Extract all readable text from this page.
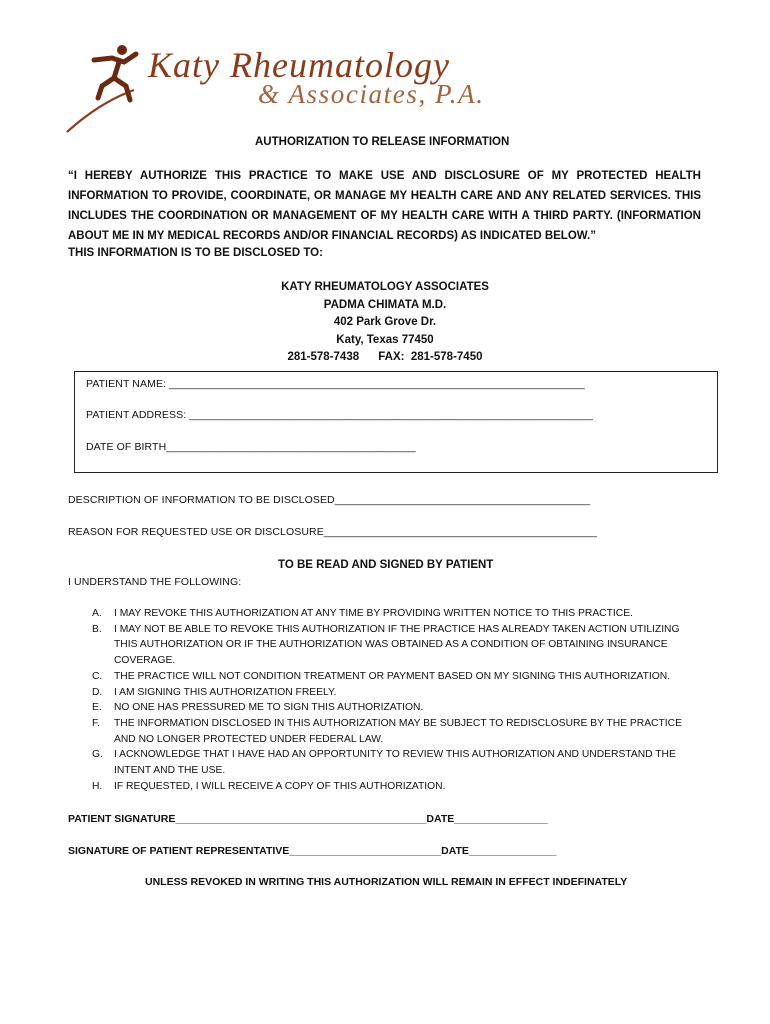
Katy Rheumatology
& Associates, P.A.
AUTHORIZATION TO RELEASE INFORMATION
“I HEREBY AUTHORIZE THIS PRACTICE TO MAKE USE AND DISCLOSURE OF MY PROTECTED HEALTH INFORMATION TO PROVIDE, COORDINATE, OR MANAGE MY HEALTH CARE AND ANY RELATED SERVICES. THIS INCLUDES THE COORDINATION OR MANAGEMENT OF MY HEALTH CARE WITH A THIRD PARTY. (INFORMATION ABOUT ME IN MY MEDICAL RECORDS AND/OR FINANCIAL RECORDS) AS INDICATED BELOW.”
THIS INFORMATION IS TO BE DISCLOSED TO:
KATY RHEUMATOLOGY ASSOCIATES
PADMA CHIMATA M.D.
402 Park Grove Dr.
Katy, Texas 77450
281-578-7438      FAX:  281-578-7450
PATIENT NAME: ______________________________________________________________________
PATIENT ADDRESS: ____________________________________________________________________
DATE OF BIRTH__________________________________________
DESCRIPTION OF INFORMATION TO BE DISCLOSED___________________________________________
REASON FOR REQUESTED USE OR DISCLOSURE______________________________________________
TO BE READ AND SIGNED BY PATIENT
I UNDERSTAND THE FOLLOWING:
A.	I MAY REVOKE THIS AUTHORIZATION AT ANY TIME BY PROVIDING WRITTEN NOTICE TO THIS PRACTICE.
B.	I MAY NOT BE ABLE TO REVOKE THIS AUTHORIZATION IF THE PRACTICE HAS ALREADY TAKEN ACTION UTILIZING THIS AUTHORIZATION OR IF THE AUTHORIZATION WAS OBTAINED AS A CONDITION OF OBTAINING INSURANCE COVERAGE.
C.	THE PRACTICE WILL NOT CONDITION TREATMENT OR PAYMENT BASED ON MY SIGNING THIS AUTHORIZATION.
D.	I AM SIGNING THIS AUTHORIZATION FREELY.
E.	NO ONE HAS PRESSURED ME TO SIGN THIS AUTHORIZATION.
F.	THE INFORMATION DISCLOSED IN THIS AUTHORIZATION MAY BE SUBJECT TO REDISCLOSURE BY THE PRACTICE AND NO LONGER PROTECTED UNDER FEDERAL LAW.
G.	I ACKNOWLEDGE THAT I HAVE HAD AN OPPORTUNITY TO REVIEW THIS AUTHORIZATION AND UNDERSTAND THE INTENT AND THE USE.
H.	IF REQUESTED, I WILL RECEIVE A COPY OF THIS AUTHORIZATION.
PATIENT SIGNATURE___________________________________________DATE________________
SIGNATURE OF PATIENT REPRESENTATIVE__________________________DATE_______________
UNLESS REVOKED IN WRITING THIS AUTHORIZATION WILL REMAIN IN EFFECT INDEFINATELY
